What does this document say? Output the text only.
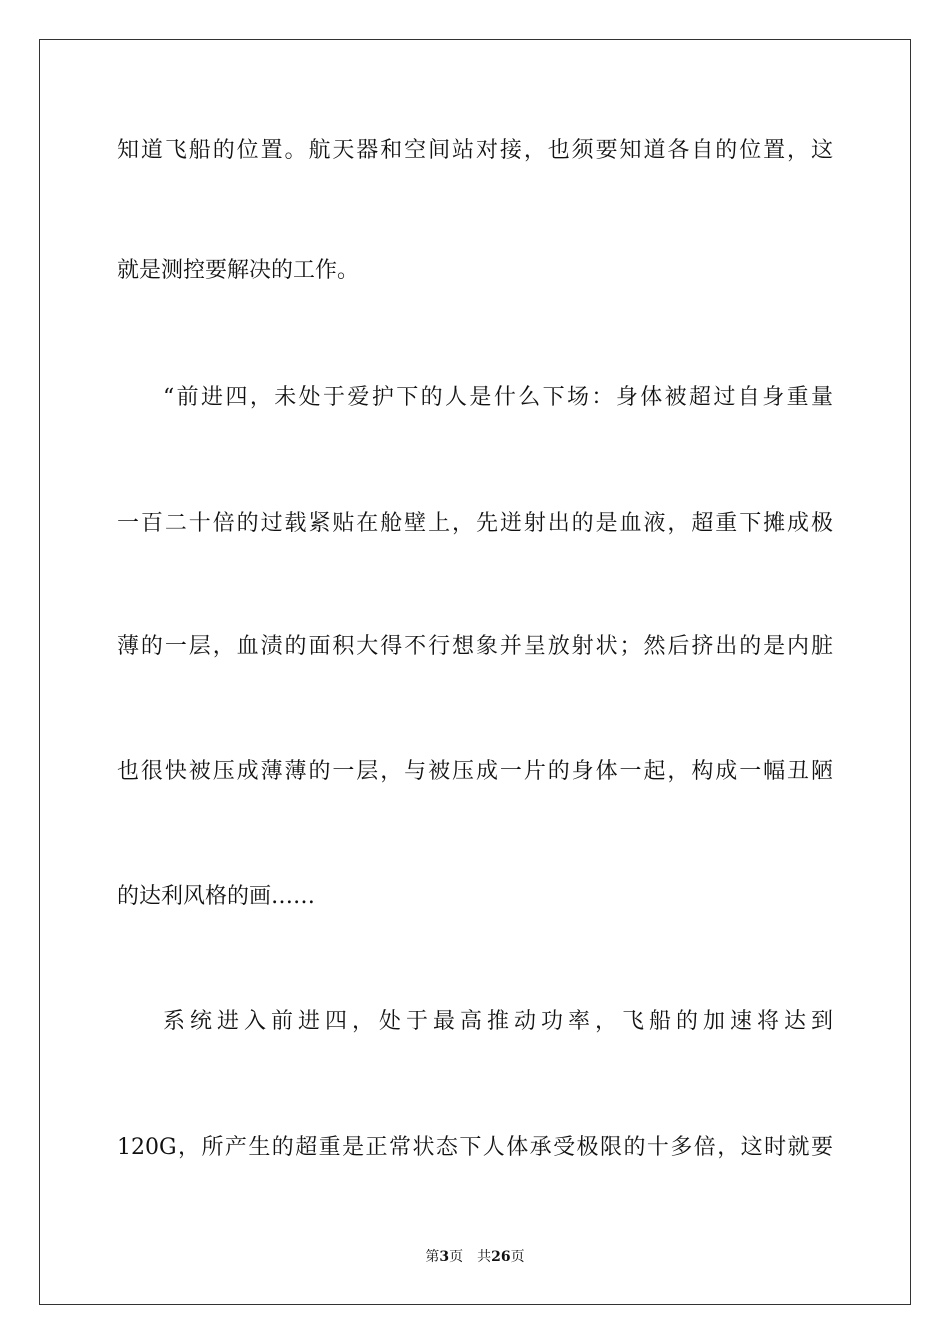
知道飞船的位置。航天器和空间站对接，也须要知道各自的位置，这
就是测控要解决的工作。
“前进四，未处于爱护下的人是什么下场：身体被超过自身重量
一百二十倍的过载紧贴在舱壁上，先迸射出的是血液，超重下摊成极
薄的一层，血渍的面积大得不行想象并呈放射状；然后挤出的是内脏
也很快被压成薄薄的一层，与被压成一片的身体一起，构成一幅丑陋
的达利风格的画……
系统进入前进四，处于最高推动功率，飞船的加速将达到
120G，所产生的超重是正常状态下人体承受极限的十多倍，这时就要
第3页 共26页
